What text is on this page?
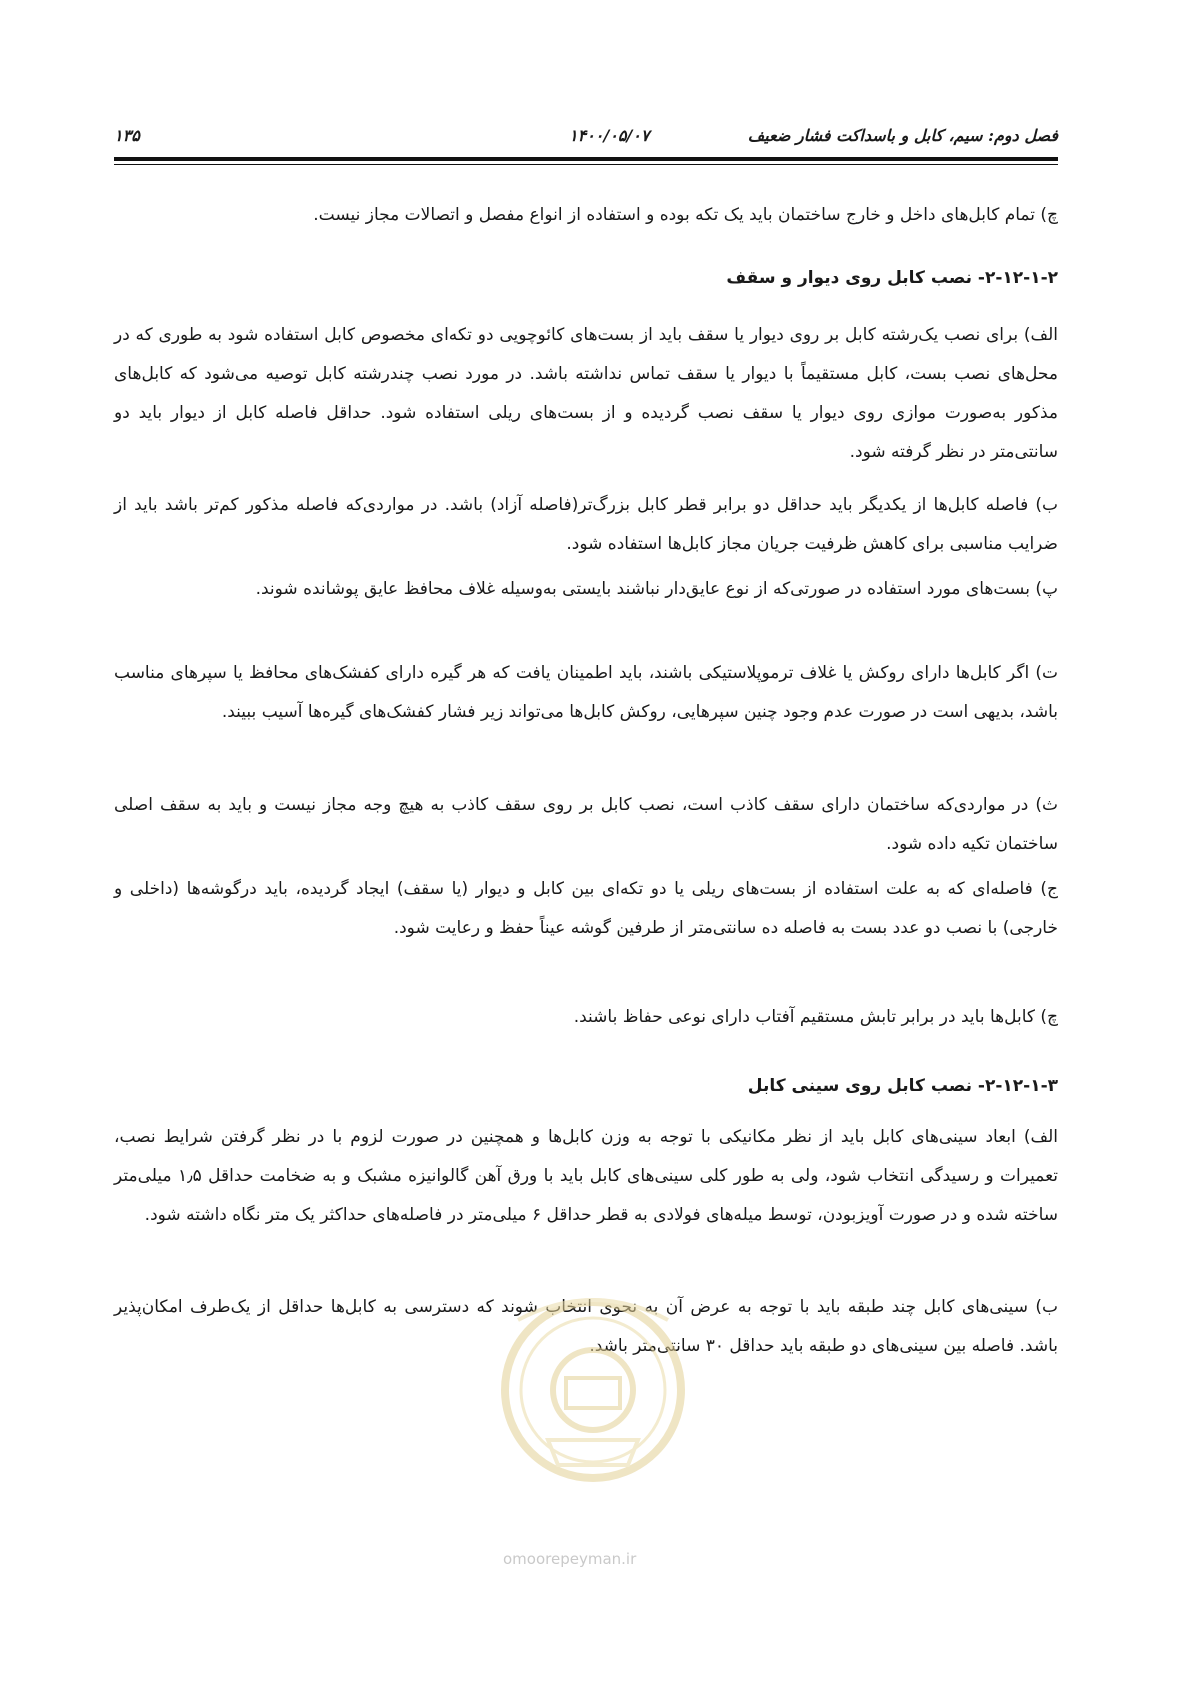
فصل دوم: سیم، کابل و باسداکت فشار ضعیف
۱۴۰۰/۰۵/۰۷
۱۳۵

چ) تمام کابل‌های داخل و خارج ساختمان باید یک تکه بوده و استفاده از انواع مفصل و اتصالات مجاز نیست.

۲-۱۲-۱-۲- نصب کابل روی دیوار و سقف

الف) برای نصب یک‌رشته کابل بر روی دیوار یا سقف باید از بست‌های کائوچویی دو تکه‌ای مخصوص کابل استفاده شود به طوری که در محل‌های نصب بست، کابل مستقیماً با دیوار یا سقف تماس نداشته باشد. در مورد نصب چندرشته کابل توصیه می‌شود که کابل‌های مذکور به‌صورت موازی روی دیوار یا سقف نصب گردیده و از بست‌های ریلی استفاده شود. حداقل فاصله کابل از دیوار باید دو سانتی‌متر در نظر گرفته شود.

ب) فاصله کابل‌ها از یکدیگر باید حداقل دو برابر قطر کابل بزرگ‌تر(فاصله آزاد) باشد. در مواردی‌که فاصله مذکور کم‌تر باشد باید از ضرایب مناسبی برای کاهش ظرفیت جریان مجاز کابل‌ها استفاده شود.

پ) بست‌های مورد استفاده در صورتی‌که از نوع عایق‌دار نباشند بایستی به‌وسیله غلاف محافظ عایق پوشانده شوند.

ت) اگر کابل‌ها دارای روکش یا غلاف ترموپلاستیکی باشند، باید اطمینان یافت که هر گیره دارای کفشک‌های محافظ یا سپرهای مناسب باشد، بدیهی است در صورت عدم وجود چنین سپرهایی، روکش کابل‌ها می‌تواند زیر فشار کفشک‌های گیره‌ها آسیب ببیند.

ث) در مواردی‌که ساختمان دارای سقف کاذب است، نصب کابل بر روی سقف کاذب به هیچ وجه مجاز نیست و باید به سقف اصلی ساختمان تکیه داده شود.

ج) فاصله‌ای که به علت استفاده از بست‌های ریلی یا دو تکه‌ای بین کابل و دیوار (یا سقف) ایجاد گردیده، باید درگوشه‌ها (داخلی و خارجی) با نصب دو عدد بست به فاصله ده سانتی‌متر از طرفین گوشه عیناً حفظ و رعایت شود.

چ) کابل‌ها باید در برابر تابش مستقیم آفتاب دارای نوعی حفاظ باشند.

۲-۱۲-۱-۳- نصب کابل روی سینی کابل

الف) ابعاد سینی‌های کابل باید از نظر مکانیکی با توجه به وزن کابل‌ها و همچنین در صورت لزوم با در نظر گرفتن شرایط نصب، تعمیرات و رسیدگی انتخاب شود، ولی به طور کلی سینی‌های کابل باید با ورق آهن گالوانیزه مشبک و به ضخامت حداقل ۱٫۵ میلی‌متر ساخته شده و در صورت آویزبودن، توسط میله‌های فولادی به قطر حداقل ۶ میلی‌متر در فاصله‌های حداکثر یک متر نگاه داشته شود.

ب) سینی‌های کابل چند طبقه باید با توجه به عرض آن به نحوی انتخاب شوند که دسترسی به کابل‌ها حداقل از یک‌طرف امکان‌پذیر باشد. فاصله بین سینی‌های دو طبقه باید حداقل ۳۰ سانتی‌متر باشد.

omoorepeyman.ir
